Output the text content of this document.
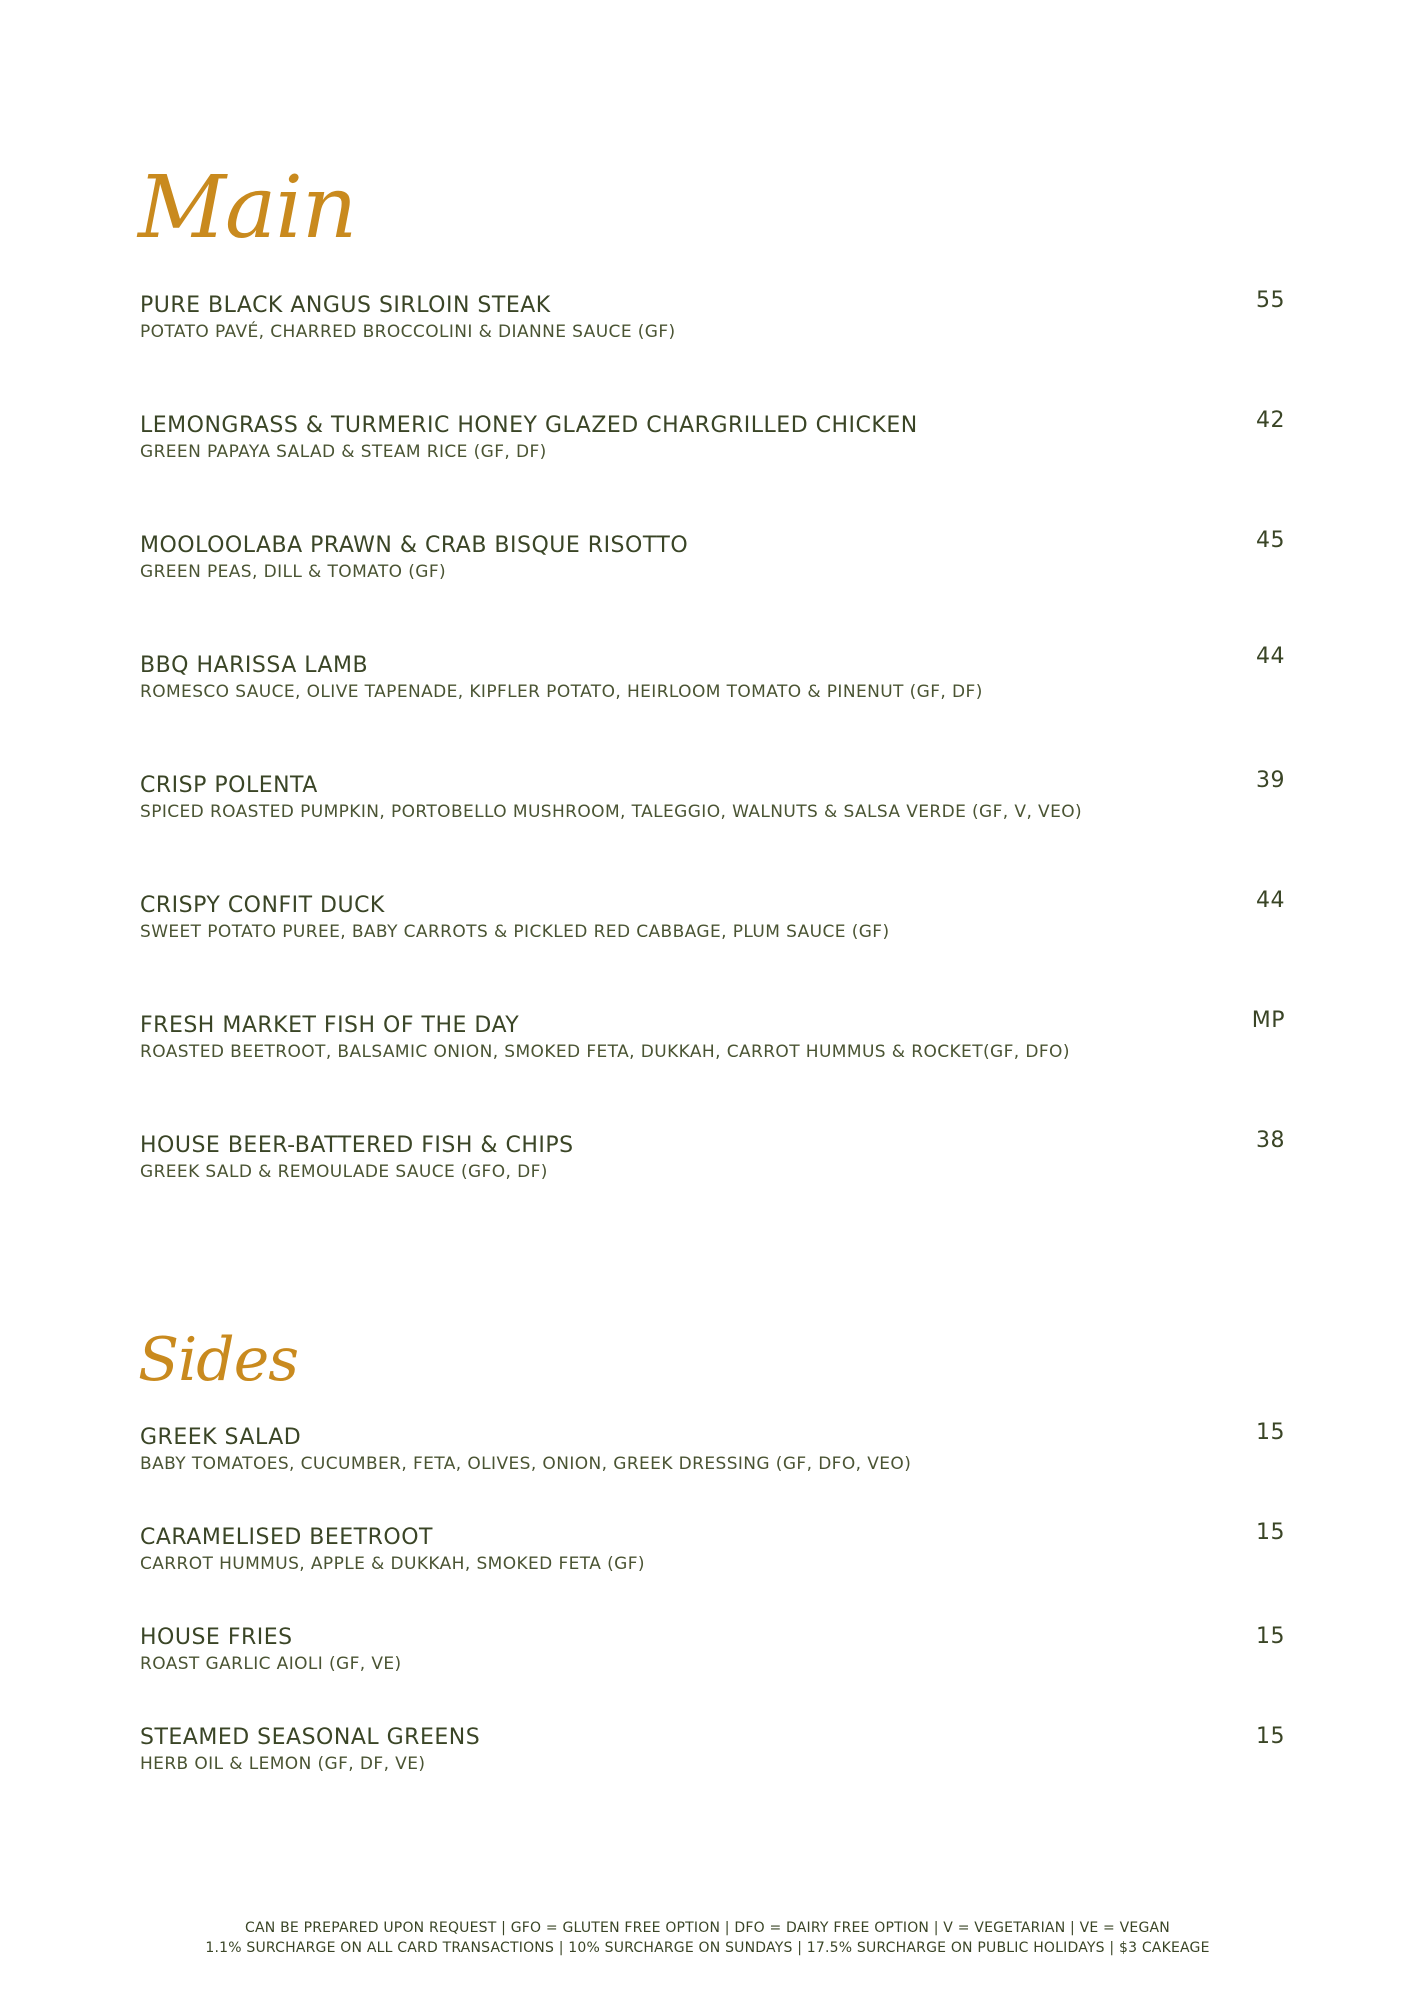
Main
PURE BLACK ANGUS SIRLOIN STEAK
POTATO PAVÉ, CHARRED BROCCOLINI & DIANNE SAUCE (GF)
55
LEMONGRASS & TURMERIC HONEY GLAZED CHARGRILLED CHICKEN
GREEN PAPAYA SALAD & STEAM RICE (GF, DF)
42
MOOLOOLABA PRAWN & CRAB BISQUE RISOTTO
GREEN PEAS, DILL & TOMATO (GF)
45
BBQ HARISSA LAMB
ROMESCO SAUCE, OLIVE TAPENADE, KIPFLER POTATO, HEIRLOOM TOMATO & PINENUT (GF, DF)
44
CRISP POLENTA
SPICED ROASTED PUMPKIN, PORTOBELLO MUSHROOM, TALEGGIO, WALNUTS & SALSA VERDE (GF, V, VEO)
39
CRISPY CONFIT DUCK
SWEET POTATO PUREE, BABY CARROTS & PICKLED RED CABBAGE, PLUM SAUCE (GF)
44
FRESH MARKET FISH OF THE DAY
ROASTED BEETROOT, BALSAMIC ONION, SMOKED FETA, DUKKAH, CARROT HUMMUS & ROCKET(GF, DFO)
MP
HOUSE BEER-BATTERED FISH & CHIPS
GREEK SALD & REMOULADE SAUCE (GFO, DF)
38
Sides
GREEK SALAD
BABY TOMATOES, CUCUMBER, FETA, OLIVES, ONION, GREEK DRESSING (GF, DFO, VEO)
15
CARAMELISED BEETROOT
CARROT HUMMUS, APPLE & DUKKAH, SMOKED FETA (GF)
15
HOUSE FRIES
ROAST GARLIC AIOLI (GF, VE)
15
STEAMED SEASONAL GREENS
HERB OIL & LEMON (GF, DF, VE)
15
CAN BE PREPARED UPON REQUEST | GFO = GLUTEN FREE OPTION | DFO = DAIRY FREE OPTION | V = VEGETARIAN | VE = VEGAN
1.1% SURCHARGE ON ALL CARD TRANSACTIONS | 10% SURCHARGE ON SUNDAYS | 17.5% SURCHARGE ON PUBLIC HOLIDAYS | $3 CAKEAGE
